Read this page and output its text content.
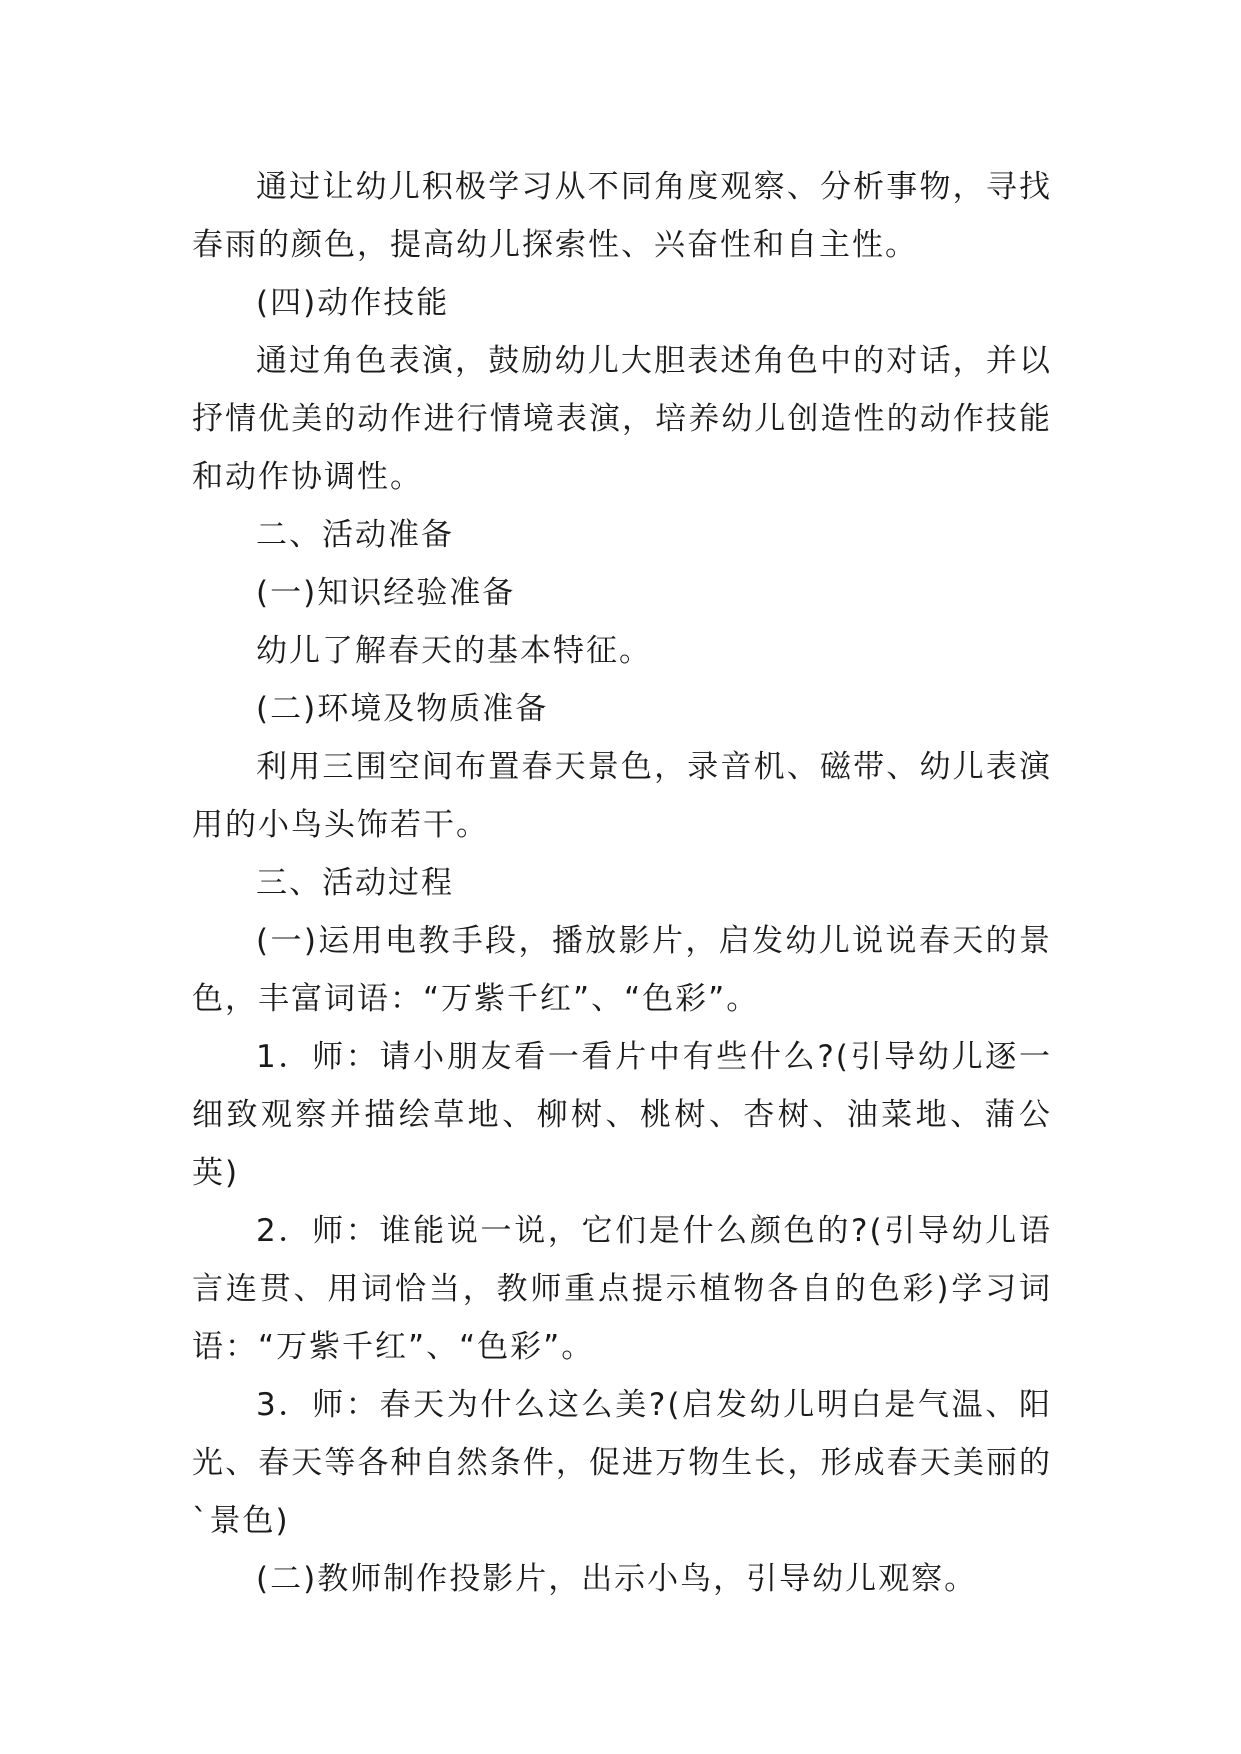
通过让幼儿积极学习从不同角度观察、分析事物，寻找春雨的颜色，提高幼儿探索性、兴奋性和自主性。

(四)动作技能

通过角色表演，鼓励幼儿大胆表述角色中的对话，并以抒情优美的动作进行情境表演，培养幼儿创造性的动作技能和动作协调性。

二、活动准备

(一)知识经验准备

幼儿了解春天的基本特征。

(二)环境及物质准备

利用三围空间布置春天景色，录音机、磁带、幼儿表演用的小鸟头饰若干。

三、活动过程

(一)运用电教手段，播放影片，启发幼儿说说春天的景色，丰富词语：“万紫千红”、“色彩”。

1．师：请小朋友看一看片中有些什么?(引导幼儿逐一细致观察并描绘草地、柳树、桃树、杏树、油菜地、蒲公英)

2．师：谁能说一说，它们是什么颜色的?(引导幼儿语言连贯、用词恰当，教师重点提示植物各自的色彩)学习词语：“万紫千红”、“色彩”。

3．师：春天为什么这么美?(启发幼儿明白是气温、阳光、春天等各种自然条件，促进万物生长，形成春天美丽的`景色)

(二)教师制作投影片，出示小鸟，引导幼儿观察。
